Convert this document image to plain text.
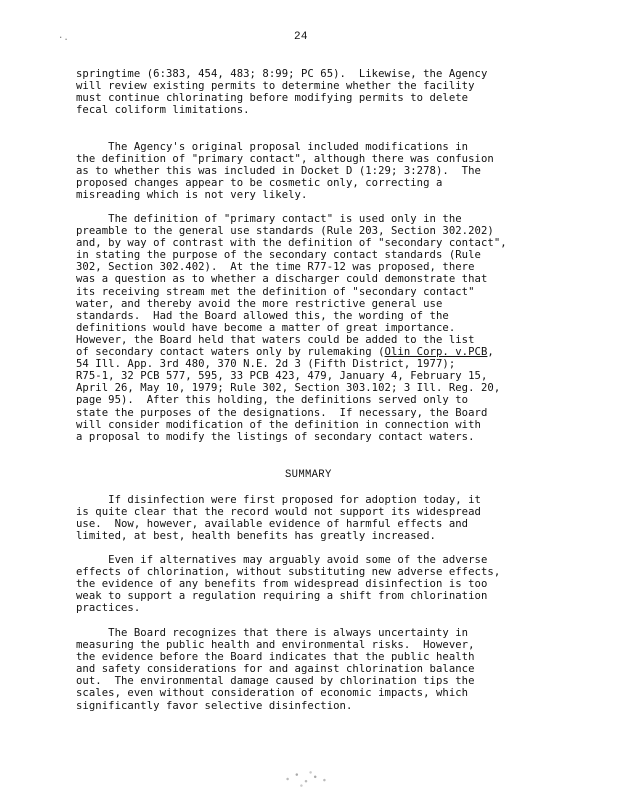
·.	24
springtime (6:383, 454, 483; 8:99; PC 65).  Likewise, the Agency
will review existing permits to determine whether the facility
must continue chlorinating before modifying permits to delete
fecal coliform limitations.
The Agency's original proposal included modifications in
the definition of "primary contact", although there was confusion
as to whether this was included in Docket D (1:29; 3:278).  The
proposed changes appear to be cosmetic only, correcting a
misreading which is not very likely.
The definition of "primary contact" is used only in the
preamble to the general use standards (Rule 203, Section 302.202)
and, by way of contrast with the definition of "secondary contact",
in stating the purpose of the secondary contact standards (Rule
302, Section 302.402).  At the time R77-12 was proposed, there
was a question as to whether a discharger could demonstrate that
its receiving stream met the definition of "secondary contact"
water, and thereby avoid the more restrictive general use
standards.  Had the Board allowed this, the wording of the
definitions would have become a matter of great importance.
However, the Board held that waters could be added to the list
of secondary contact waters only by rulemaking (Olin Corp. v.PCB,
54 Ill. App. 3rd 480, 370 N.E. 2d 3 (Fifth District, 1977);
R75-1, 32 PCB 577, 595, 33 PCB 423, 479, January 4, February 15,
April 26, May 10, 1979; Rule 302, Section 303.102; 3 Ill. Reg. 20,
page 95).  After this holding, the definitions served only to
state the purposes of the designations.  If necessary, the Board
will consider modification of the definition in connection with
a proposal to modify the listings of secondary contact waters.
SUMMARY
If disinfection were first proposed for adoption today, it
is quite clear that the record would not support its widespread
use.  Now, however, available evidence of harmful effects and
limited, at best, health benefits has greatly increased.
Even if alternatives may arguably avoid some of the adverse
effects of chlorination, without substituting new adverse effects,
the evidence of any benefits from widespread disinfection is too
weak to support a regulation requiring a shift from chlorination
practices.
The Board recognizes that there is always uncertainty in
measuring the public health and environmental risks.  However,
the evidence before the Board indicates that the public health
and safety considerations for and against chlorination balance
out.  The environmental damage caused by chlorination tips the
scales, even without consideration of economic impacts, which
significantly favor selective disinfection.
